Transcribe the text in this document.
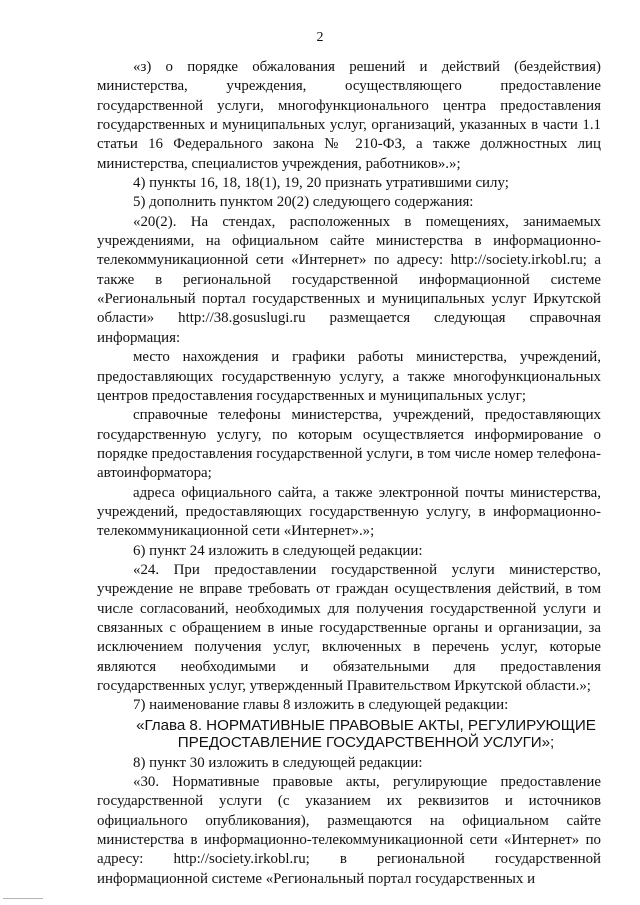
2

«з) о порядке обжалования решений и действий (бездействия) министерства, учреждения, осуществляющего предоставление государственной услуги, многофункционального центра предоставления государственных и муниципальных услуг, организаций, указанных в части 1.1 статьи 16 Федерального закона № 210-ФЗ, а также должностных лиц министерства, специалистов учреждения, работников».»;

4) пункты 16, 18, 18(1), 19, 20 признать утратившими силу;

5) дополнить пунктом 20(2) следующего содержания:

«20(2). На стендах, расположенных в помещениях, занимаемых учреждениями, на официальном сайте министерства в информационно-телекоммуникационной сети «Интернет» по адресу: http://society.irkobl.ru; а также в региональной государственной информационной системе «Региональный портал государственных и муниципальных услуг Иркутской области» http://38.gosuslugi.ru размещается следующая справочная информация:

место нахождения и графики работы министерства, учреждений, предоставляющих государственную услугу, а также многофункциональных центров предоставления государственных и муниципальных услуг;

справочные телефоны министерства, учреждений, предоставляющих государственную услугу, по которым осуществляется информирование о порядке предоставления государственной услуги, в том числе номер телефона-автоинформатора;

адреса официального сайта, а также электронной почты министерства, учреждений, предоставляющих государственную услугу, в информационно-телекоммуникационной сети «Интернет».»;

6) пункт 24 изложить в следующей редакции:

«24. При предоставлении государственной услуги министерство, учреждение не вправе требовать от граждан осуществления действий, в том числе согласований, необходимых для получения государственной услуги и связанных с обращением в иные государственные органы и организации, за исключением получения услуг, включенных в перечень услуг, которые являются необходимыми и обязательными для предоставления государственных услуг, утвержденный Правительством Иркутской области.»;

7) наименование главы 8 изложить в следующей редакции:

«Глава 8. НОРМАТИВНЫЕ ПРАВОВЫЕ АКТЫ, РЕГУЛИРУЮЩИЕ ПРЕДОСТАВЛЕНИЕ ГОСУДАРСТВЕННОЙ УСЛУГИ»;

8) пункт 30 изложить в следующей редакции:

«30. Нормативные правовые акты, регулирующие предоставление государственной услуги (с указанием их реквизитов и источников официального опубликования), размещаются на официальном сайте министерства в информационно-телекоммуникационной сети «Интернет» по адресу: http://society.irkobl.ru; в региональной государственной информационной системе «Региональный портал государственных и
